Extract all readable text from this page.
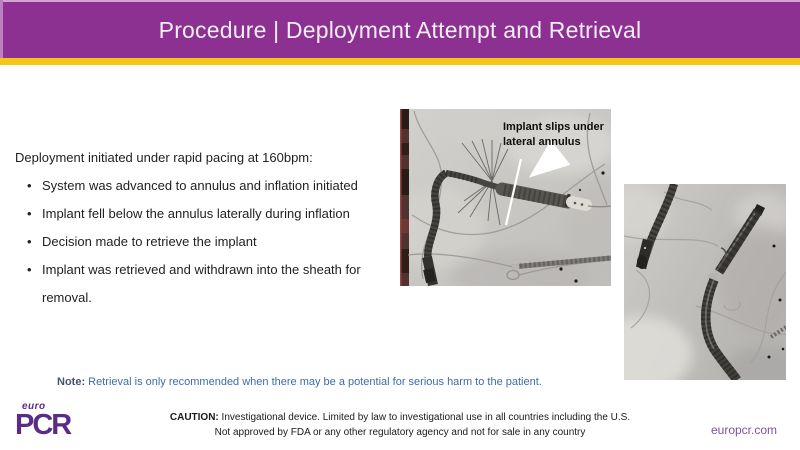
Procedure | Deployment Attempt and Retrieval

Deployment initiated under rapid pacing at 160bpm:

• System was advanced to annulus and inflation initiated
• Implant fell below the annulus laterally during inflation
• Decision made to retrieve the implant
• Implant was retrieved and withdrawn into the sheath for removal.
Implant slips under
lateral annulus
Note: Retrieval is only recommended when there may be a potential for serious harm to the patient.
CAUTION: Investigational device. Limited by law to investigational use in all countries including the U.S.
Not approved by FDA or any other regulatory agency and not for sale in any country
euro
PCR	europcr.com
